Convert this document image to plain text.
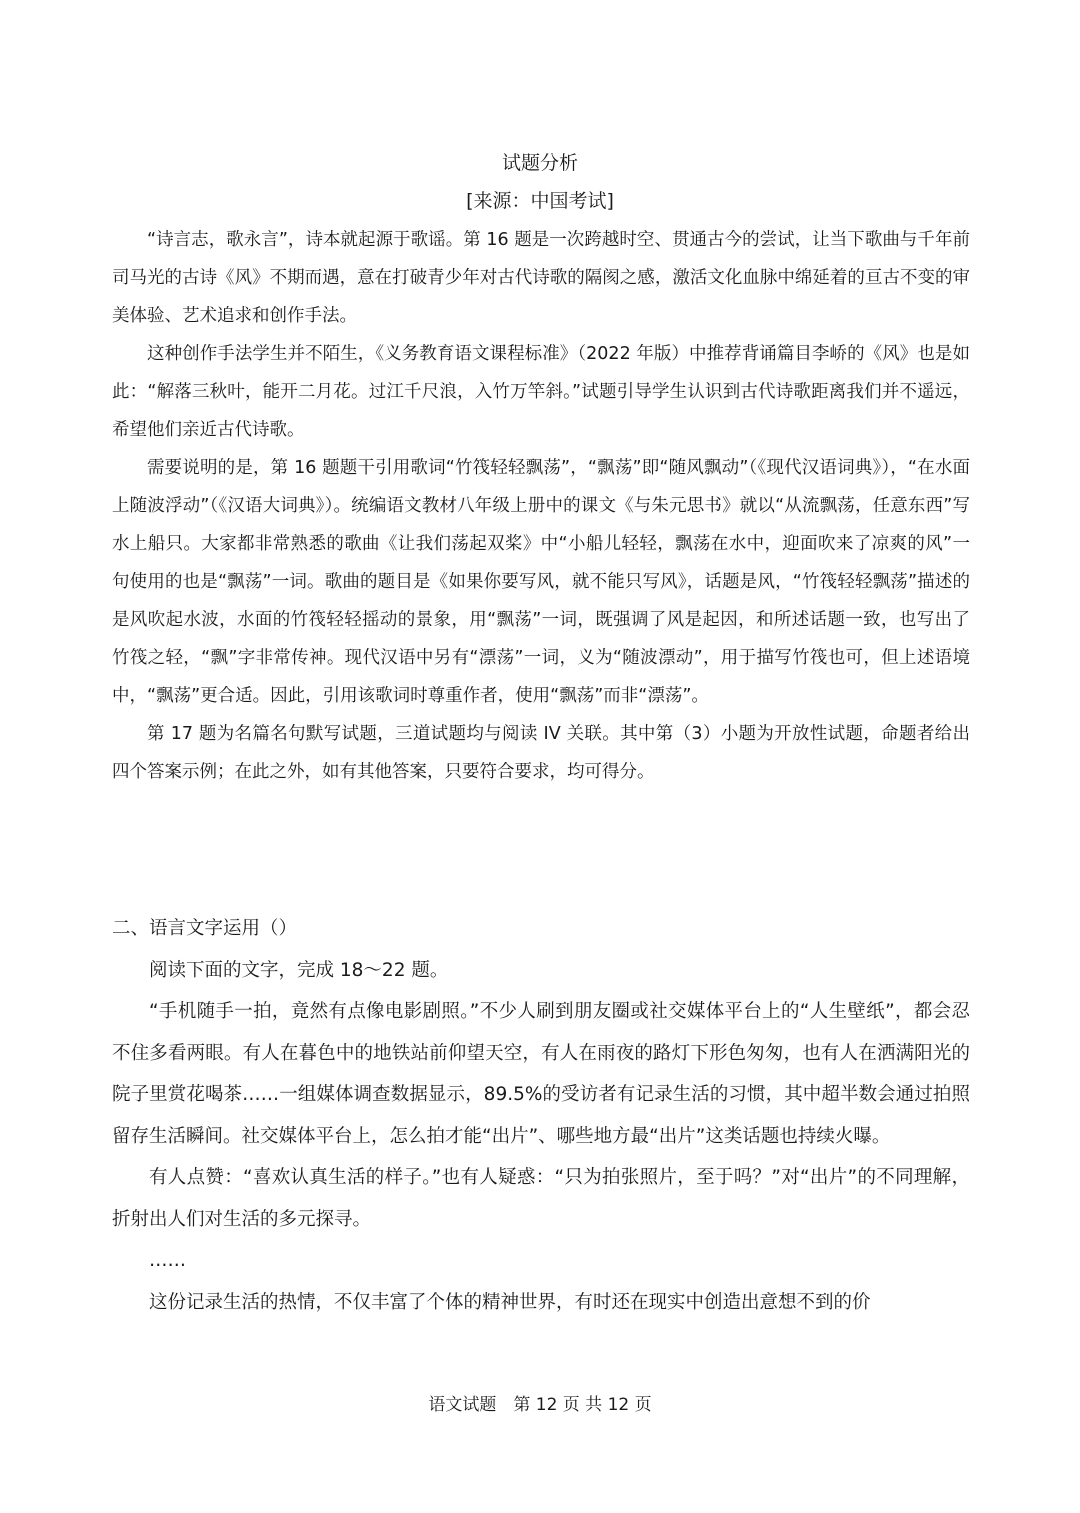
试题分析
[来源：中国考试]

“诗言志，歌永言”，诗本就起源于歌谣。第 16 题是一次跨越时空、贯通古今的尝试，让当下歌曲与千年前司马光的古诗《风》不期而遇，意在打破青少年对古代诗歌的隔阂之感，激活文化血脉中绵延着的亘古不变的审美体验、艺术追求和创作手法。

这种创作手法学生并不陌生，《义务教育语文课程标准》（2022 年版）中推荐背诵篇目李峤的《风》也是如此：“解落三秋叶，能开二月花。过江千尺浪，入竹万竿斜。”试题引导学生认识到古代诗歌距离我们并不遥远，希望他们亲近古代诗歌。

需要说明的是，第 16 题题干引用歌词“竹筏轻轻飘荡”，“飘荡”即“随风飘动”（《现代汉语词典》），“在水面上随波浮动”（《汉语大词典》）。统编语文教材八年级上册中的课文《与朱元思书》就以“从流飘荡，任意东西”写水上船只。大家都非常熟悉的歌曲《让我们荡起双桨》中“小船儿轻轻，飘荡在水中，迎面吹来了凉爽的风”一句使用的也是“飘荡”一词。歌曲的题目是《如果你要写风，就不能只写风》，话题是风，“竹筏轻轻飘荡”描述的是风吹起水波，水面的竹筏轻轻摇动的景象，用“飘荡”一词，既强调了风是起因，和所述话题一致，也写出了竹筏之轻，“飘”字非常传神。现代汉语中另有“漂荡”一词，义为“随波漂动”，用于描写竹筏也可，但上述语境中，“飘荡”更合适。因此，引用该歌词时尊重作者，使用“飘荡”而非“漂荡”。

第 17 题为名篇名句默写试题，三道试题均与阅读 IV 关联。其中第（3）小题为开放性试题，命题者给出四个答案示例；在此之外，如有其他答案，只要符合要求，均可得分。

二、语言文字运用（）

阅读下面的文字，完成 18～22 题。

“手机随手一拍，竟然有点像电影剧照。”不少人刷到朋友圈或社交媒体平台上的“人生壁纸”，都会忍不住多看两眼。有人在暮色中的地铁站前仰望天空，有人在雨夜的路灯下形色匆匆，也有人在洒满阳光的院子里赏花喝茶……一组媒体调查数据显示，89.5%的受访者有记录生活的习惯，其中超半数会通过拍照留存生活瞬间。社交媒体平台上，怎么拍才能“出片”、哪些地方最“出片”这类话题也持续火曝。

有人点赞：“喜欢认真生活的样子。”也有人疑惑：“只为拍张照片，至于吗？”对“出片”的不同理解，折射出人们对生活的多元探寻。

……

这份记录生活的热情，不仅丰富了个体的精神世界，有时还在现实中创造出意想不到的价

语文试题　第 12 页 共 12 页
